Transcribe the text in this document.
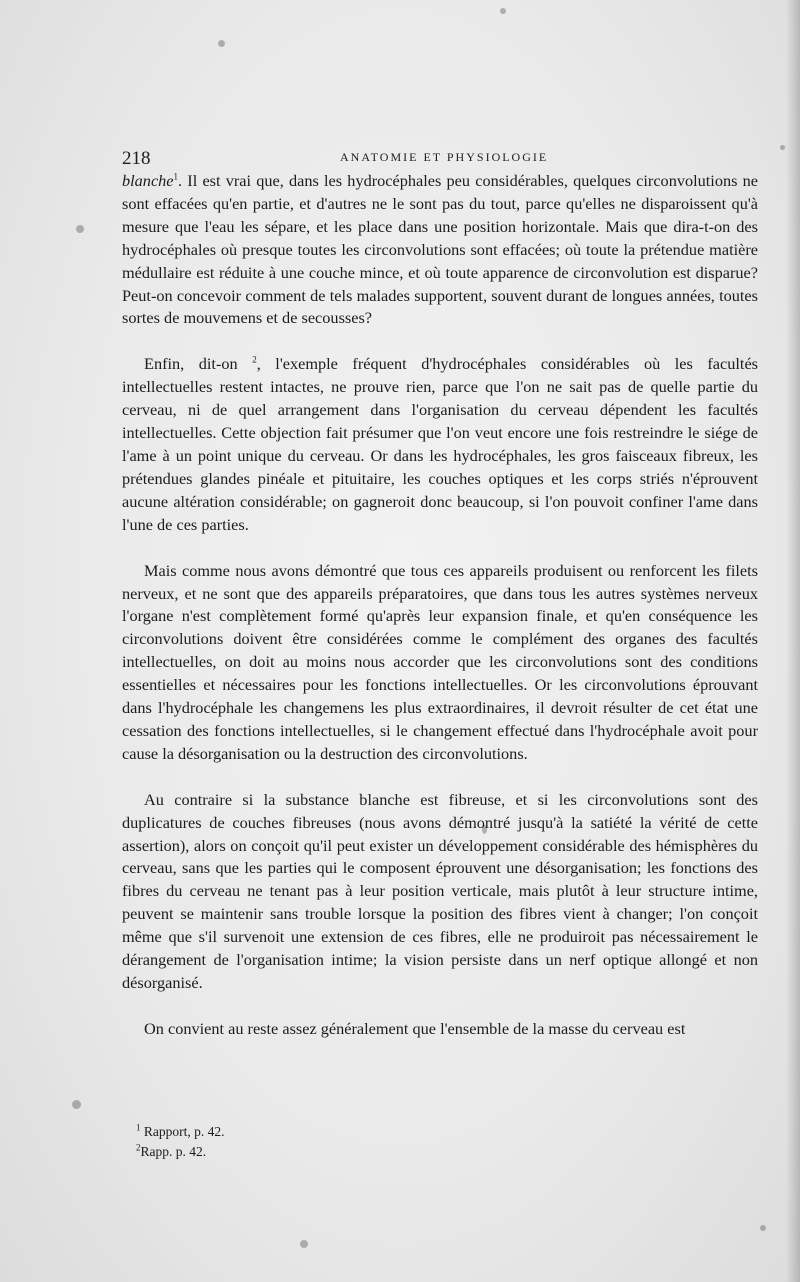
218	ANATOMIE ET PHYSIOLOGIE

blanche$^1$. Il est vrai que, dans les hydrocéphales peu considérables, quelques circonvolutions ne sont effacées qu'en partie, et d'autres ne le sont pas du tout, parce qu'elles ne disparoissent qu'à mesure que l'eau les sépare, et les place dans une position horizontale. Mais que dira-t-on des hydrocéphales où presque toutes les circonvolutions sont effacées; où toute la prétendue matière médullaire est réduite à une couche mince, et où toute apparence de circonvolution est disparue? Peut-on concevoir comment de tels malades supportent, souvent durant de longues années, toutes sortes de mouvemens et de secousses?

Enfin, dit-on $^2$, l'exemple fréquent d'hydrocéphales considérables où les facultés intellectuelles restent intactes, ne prouve rien, parce que l'on ne sait pas de quelle partie du cerveau, ni de quel arrangement dans l'organisation du cerveau dépendent les facultés intellectuelles. Cette objection fait présumer que l'on veut encore une fois restreindre le siége de l'ame à un point unique du cerveau. Or dans les hydrocéphales, les gros faisceaux fibreux, les prétendues glandes pinéale et pituitaire, les couches optiques et les corps striés n'éprouvent aucune altération considérable; on gagneroit donc beaucoup, si l'on pouvoit confiner l'ame dans l'une de ces parties.

Mais comme nous avons démontré que tous ces appareils produisent ou renforcent les filets nerveux, et ne sont que des appareils préparatoires, que dans tous les autres systèmes nerveux l'organe n'est complètement formé qu'après leur expansion finale, et qu'en conséquence les circonvolutions doivent être considérées comme le complément des organes des facultés intellectuelles, on doit au moins nous accorder que les circonvolutions sont des conditions essentielles et nécessaires pour les fonctions intellectuelles. Or les circonvolutions éprouvant dans l'hydrocéphale les changemens les plus extraordinaires, il devroit résulter de cet état une cessation des fonctions intellectuelles, si le changement effectué dans l'hydrocéphale avoit pour cause la désorganisation ou la destruction des circonvolutions.

Au contraire si la substance blanche est fibreuse, et si les circonvolutions sont des duplicatures de couches fibreuses (nous avons démontré jusqu'à la satiété la vérité de cette assertion), alors on conçoit qu'il peut exister un développement considérable des hémisphères du cerveau, sans que les parties qui le composent éprouvent une désorganisation; les fonctions des fibres du cerveau ne tenant pas à leur position verticale, mais plutôt à leur structure intime, peuvent se maintenir sans trouble lorsque la position des fibres vient à changer; l'on conçoit même que s'il survenoit une extension de ces fibres, elle ne produiroit pas nécessairement le dérangement de l'organisation intime; la vision persiste dans un nerf optique allongé et non désorganisé.

On convient au reste assez généralement que l'ensemble de la masse du cerveau est

$^1$ Rapport, p. 42.
$^2$Rapp. p. 42.
